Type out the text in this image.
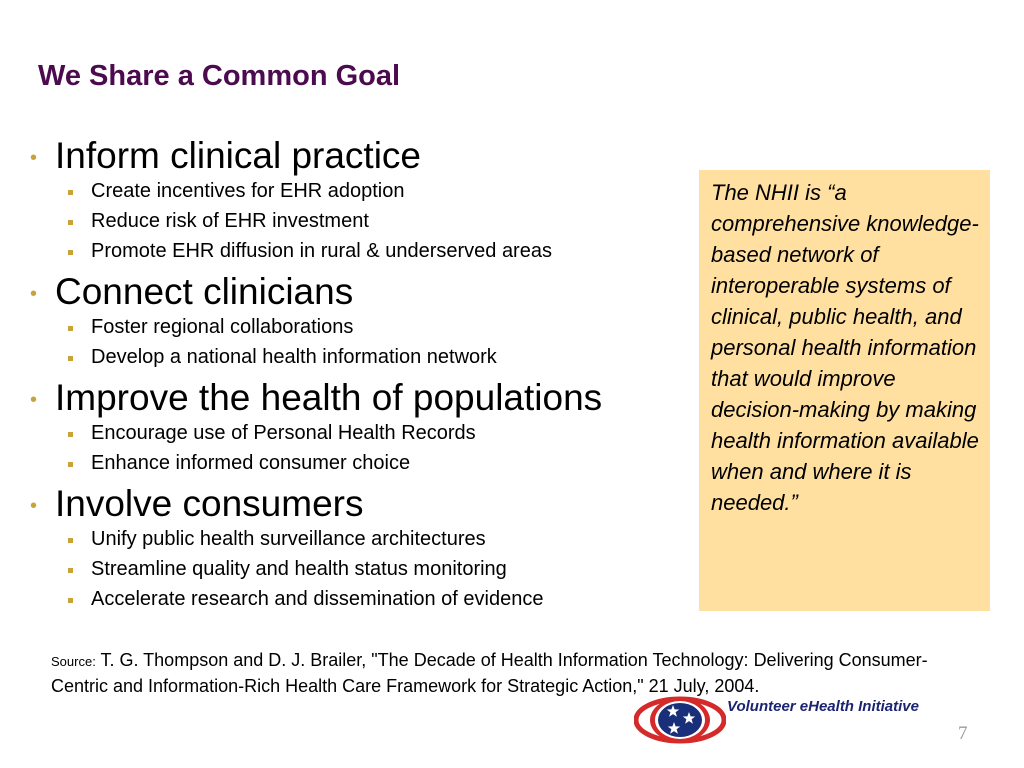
We Share a Common Goal
• Inform clinical practice
Create incentives for EHR adoption
Reduce risk of EHR investment
Promote EHR diffusion in rural & underserved areas
• Connect clinicians
Foster regional collaborations
Develop a national health information network
• Improve the health of populations
Encourage use of Personal Health Records
Enhance informed consumer choice
• Involve consumers
Unify public health surveillance architectures
Streamline quality and health status monitoring
Accelerate research and dissemination of evidence
The NHII is “a comprehensive knowledge-based network of interoperable systems of clinical, public health, and personal health information that would improve decision-making by making health information available when and where it is needed.”
Source: T. G. Thompson and D. J. Brailer, "The Decade of Health Information Technology: Delivering Consumer-Centric and Information-Rich Health Care Framework for Strategic Action," 21 July, 2004.
Volunteer eHealth Initiative
7
